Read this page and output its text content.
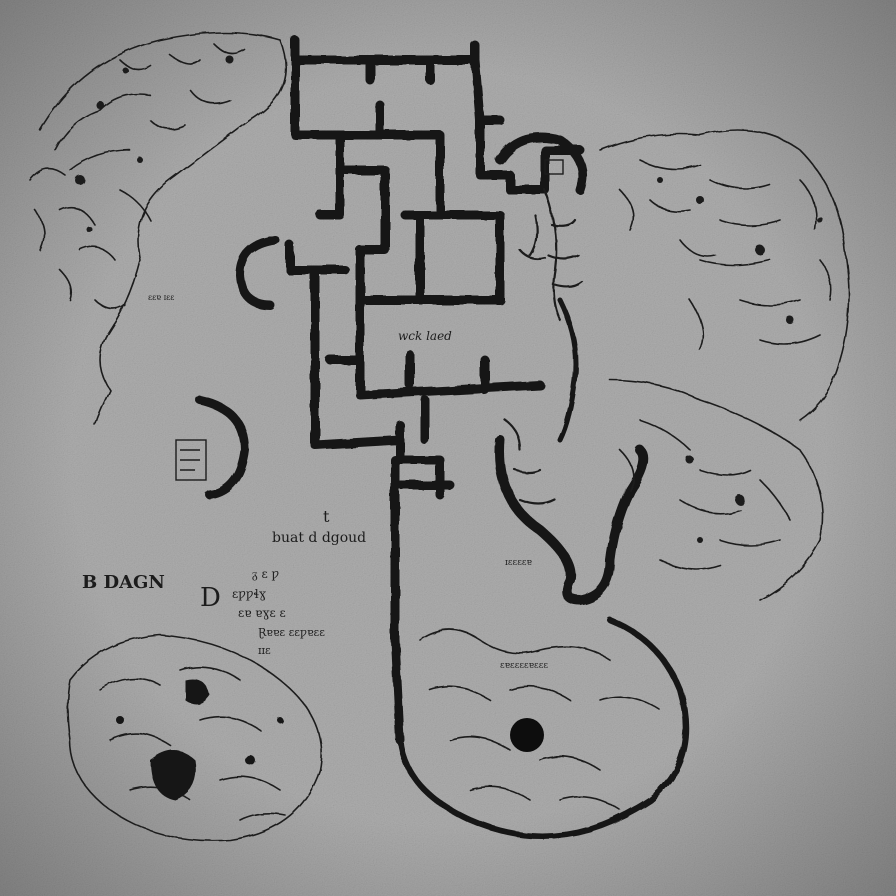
wck laed
t
buat d dgoud
B DAGN
D
ᵹ ɛ ƿ
ɛƿƿɬɣ
ɛɐ ɐɣɛ ɛ
Ɽɐɐɛ ɛɛƿɐɛɛ
ɪɪɛ
ɛɛɐ ɪɛɛ
ɪɛɛɛɛɐ
ɛɐɛɛɛɛɐɛɛɛ
